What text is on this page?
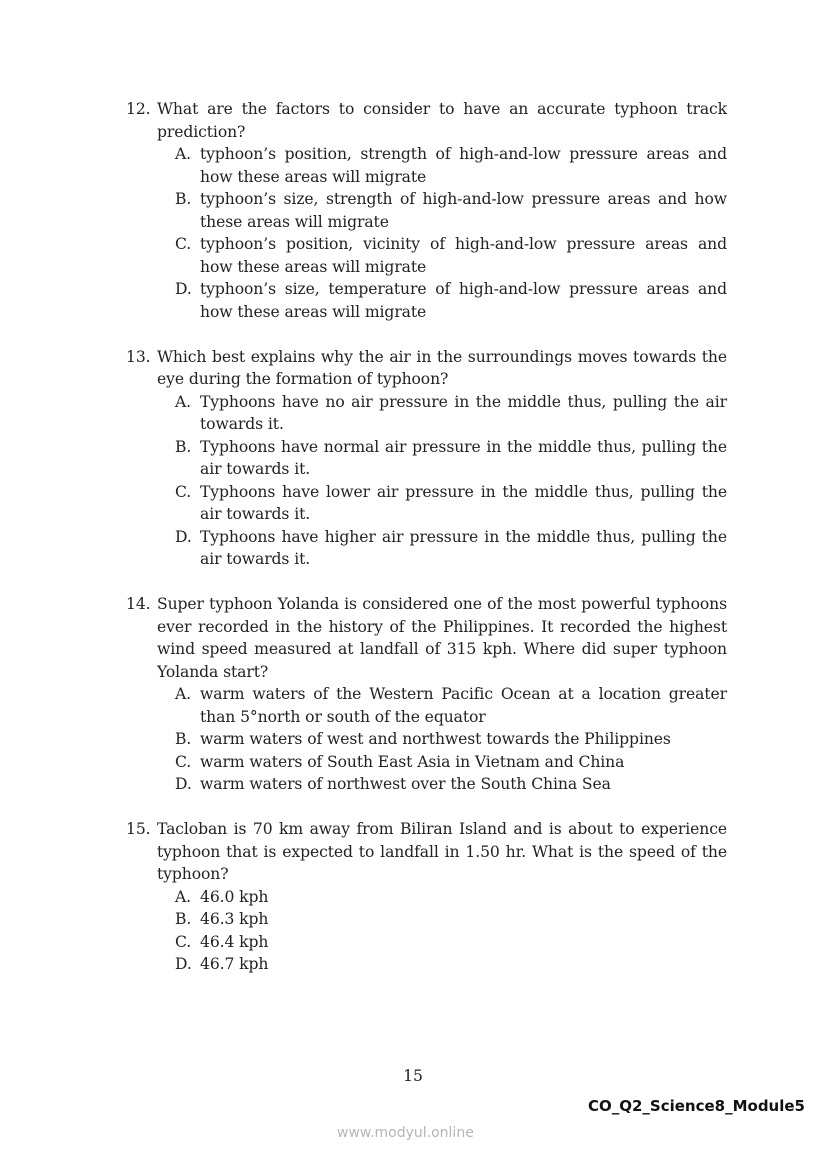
12. What are the factors to consider to have an accurate typhoon track prediction?
A. typhoon’s position, strength of high-and-low pressure areas and how these areas will migrate
B. typhoon’s size, strength of high-and-low pressure areas and how these areas will migrate
C. typhoon’s position, vicinity of high-and-low pressure areas and how these areas will migrate
D. typhoon’s size, temperature of high-and-low pressure areas and how these areas will migrate
13. Which best explains why the air in the surroundings moves towards the eye during the formation of typhoon?
A. Typhoons have no air pressure in the middle thus, pulling the air towards it.
B. Typhoons have normal air pressure in the middle thus, pulling the air towards it.
C. Typhoons have lower air pressure in the middle thus, pulling the air towards it.
D. Typhoons have higher air pressure in the middle thus, pulling the air towards it.
14. Super typhoon Yolanda is considered one of the most powerful typhoons ever recorded in the history of the Philippines. It recorded the highest wind speed measured at landfall of 315 kph. Where did super typhoon Yolanda start?
A. warm waters of the Western Pacific Ocean at a location greater than 5°north or south of the equator
B. warm waters of west and northwest towards the Philippines
C. warm waters of South East Asia in Vietnam and China
D. warm waters of northwest over the South China Sea
15. Tacloban is 70 km away from Biliran Island and is about to experience typhoon that is expected to landfall in 1.50 hr. What is the speed of the typhoon?
A. 46.0 kph
B. 46.3 kph
C. 46.4 kph
D. 46.7 kph
15
CO_Q2_Science8_Module5
www.modyul.online
